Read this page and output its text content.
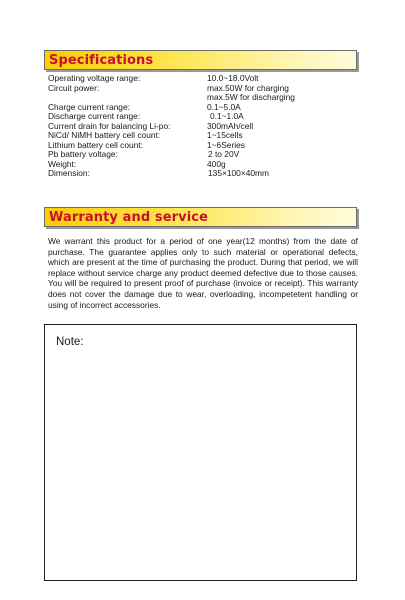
Specifications
Operating voltage range:	10.0~18.0Volt
Circuit power:	max.50W for charging
max.5W for discharging
Charge current range:	0.1~5.0A
Discharge current range:	0.1~1.0A
Current drain for balancing Li-po:	300mAh/cell
NiCd/ NiMH battery cell count:	1~15cells
Lithium battery cell count:	1~6Series
Pb battery voltage:	2 to 20V
Weight:	400g
Dimension:	135×100×40mm
Warranty and service

We warrant this product for a period of one year(12 months) from the date of purchase. The guarantee applies only to such material or operational defects, which are present at the time of purchasing the product. During that period, we will replace without service charge any product deemed defective due to those causes. You will be required to present proof of purchase (invoice or receipt). This warranty does not cover the damage due to wear, overloading, incompetetent handling or using of incorrect accessories.

Note:
